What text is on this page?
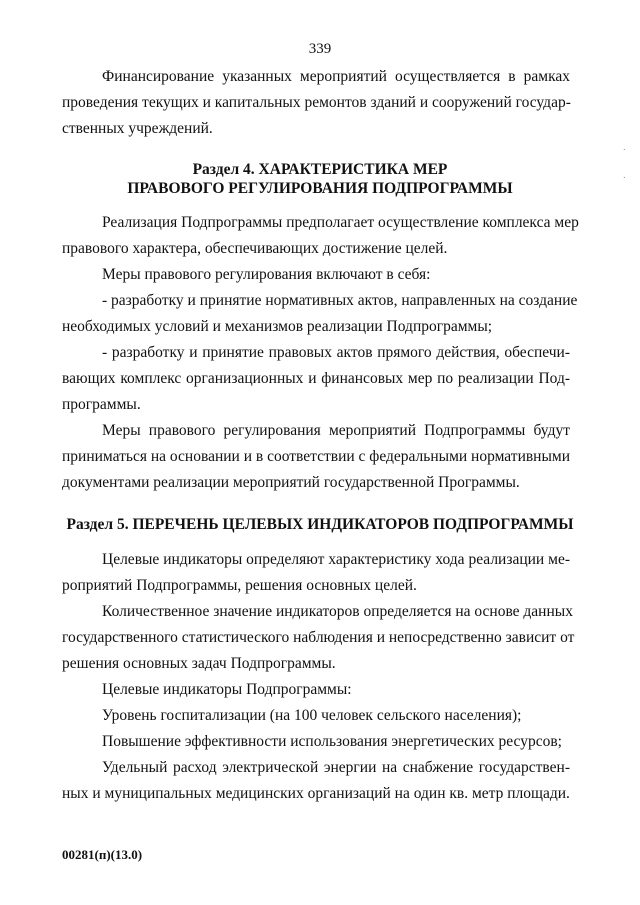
339
Финансирование указанных мероприятий осуществляется в рамках
проведения текущих и капитальных ремонтов зданий и сооружений государ-
ственных учреждений.
Раздел 4. ХАРАКТЕРИСТИКА МЕР
ПРАВОВОГО РЕГУЛИРОВАНИЯ ПОДПРОГРАММЫ
Реализация Подпрограммы предполагает осуществление комплекса мер
правового характера, обеспечивающих достижение целей.
Меры правового регулирования включают в себя:
- разработку и принятие нормативных актов, направленных на создание
необходимых условий и механизмов реализации Подпрограммы;
- разработку и принятие правовых актов прямого действия, обеспечи-
вающих комплекс организационных и финансовых мер по реализации Под-
программы.
Меры правового регулирования мероприятий Подпрограммы будут
приниматься на основании и в соответствии с федеральными нормативными
документами реализации мероприятий государственной Программы.
Раздел 5. ПЕРЕЧЕНЬ ЦЕЛЕВЫХ ИНДИКАТОРОВ ПОДПРОГРАММЫ
Целевые индикаторы определяют характеристику хода реализации ме-
роприятий Подпрограммы, решения основных целей.
Количественное значение индикаторов определяется на основе данных
государственного статистического наблюдения и непосредственно зависит от
решения основных задач Подпрограммы.
Целевые индикаторы Подпрограммы:
Уровень госпитализации (на 100 человек сельского населения);
Повышение эффективности использования энергетических ресурсов;
Удельный расход электрической энергии на снабжение государствен-
ных и муниципальных медицинских организаций на один кв. метр площади.
00281(п)(13.0)
˙
˙
